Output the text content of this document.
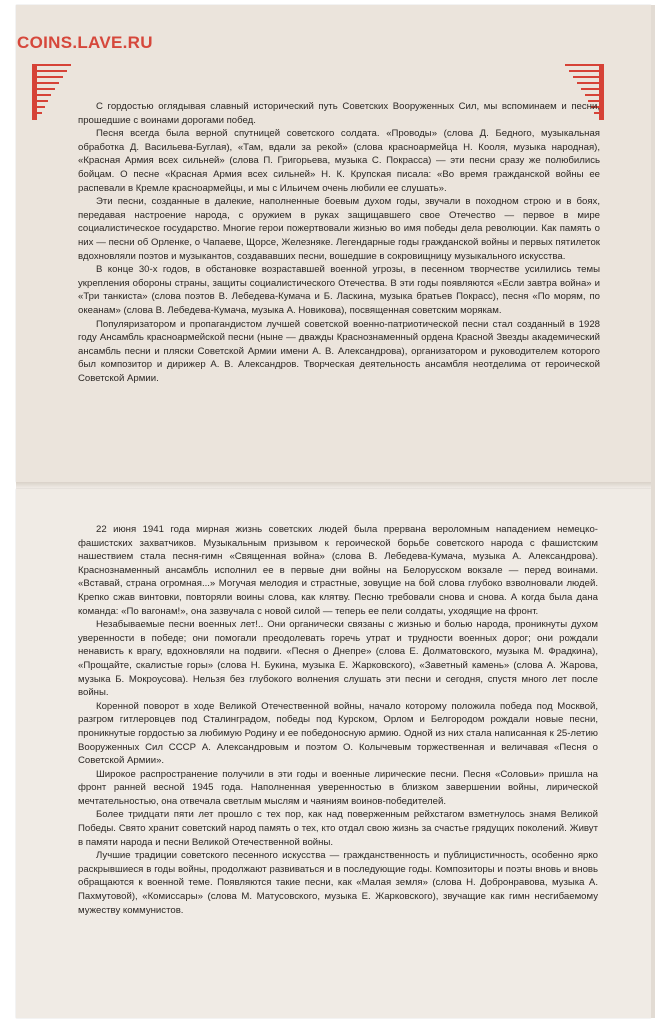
COINS.LAVE.RU

С гордостью оглядывая славный исторический путь Советских Вооруженных Сил, мы вспоминаем и песни, прошедшие с воинами дорогами побед.

Песня всегда была верной спутницей советского солдата. «Проводы» (слова Д. Бедного, музыкальная обработка Д. Васильева-Буглая), «Там, вдали за рекой» (слова красноармейца Н. Кооля, музыка народная), «Красная Армия всех сильней» (слова П. Григорьева, музыка С. Покрасса) — эти песни сразу же полюбились бойцам. О песне «Красная Армия всех сильней» Н. К. Крупская писала: «Во время гражданской войны ее распевали в Кремле красноармейцы, и мы с Ильичем очень любили ее слушать».

Эти песни, созданные в далекие, наполненные боевым духом годы, звучали в походном строю и в боях, передавая настроение народа, с оружием в руках защищавшего свое Отечество — первое в мире социалистическое государство. Многие герои пожертвовали жизнью во имя победы дела революции. Как память о них — песни об Орленке, о Чапаеве, Щорсе, Железняке. Легендарные годы гражданской войны и первых пятилеток вдохновляли поэтов и музыкантов, создававших песни, вошедшие в сокровищницу музыкального искусства.

В конце 30-х годов, в обстановке возраставшей военной угрозы, в песенном творчестве усилились темы укрепления обороны страны, защиты социалистического Отечества. В эти годы появляются «Если завтра война» и «Три танкиста» (слова поэтов В. Лебедева-Кумача и Б. Ласкина, музыка братьев Покрасс), песня «По морям, по океанам» (слова В. Лебедева-Кумача, музыка А. Новикова), посвященная советским морякам.

Популяризатором и пропагандистом лучшей советской военно-патриотической песни стал созданный в 1928 году Ансамбль красноармейской песни (ныне — дважды Краснознаменный ордена Красной Звезды академический ансамбль песни и пляски Советской Армии имени А. В. Александрова), организатором и руководителем которого был композитор и дирижер А. В. Александров. Творческая деятельность ансамбля неотделима от героической Советской Армии.

22 июня 1941 года мирная жизнь советских людей была прервана вероломным нападением немецко-фашистских захватчиков. Музыкальным призывом к героической борьбе советского народа с фашистским нашествием стала песня-гимн «Священная война» (слова В. Лебедева-Кумача, музыка А. Александрова). Краснознаменный ансамбль исполнил ее в первые дни войны на Белорусском вокзале — перед воинами. «Вставай, страна огромная...» Могучая мелодия и страстные, зовущие на бой слова глубоко взволновали людей. Крепко сжав винтовки, повторяли воины слова, как клятву. Песню требовали снова и снова. А когда была дана команда: «По вагонам!», она зазвучала с новой силой — теперь ее пели солдаты, уходящие на фронт.

Незабываемые песни военных лет!.. Они органически связаны с жизнью и болью народа, проникнуты духом уверенности в победе; они помогали преодолевать горечь утрат и трудности военных дорог; они рождали ненависть к врагу, вдохновляли на подвиги. «Песня о Днепре» (слова Е. Долматовского, музыка М. Фрадкина), «Прощайте, скалистые горы» (слова Н. Букина, музыка Е. Жарковского), «Заветный камень» (слова А. Жарова, музыка Б. Мокроусова). Нельзя без глубокого волнения слушать эти песни и сегодня, спустя много лет после войны.

Коренной поворот в ходе Великой Отечественной войны, начало которому положила победа под Москвой, разгром гитлеровцев под Сталинградом, победы под Курском, Орлом и Белгородом рождали новые песни, проникнутые гордостью за любимую Родину и ее победоносную армию. Одной из них стала написанная к 25-летию Вооруженных Сил СССР А. Александровым и поэтом О. Колычевым торжественная и величавая «Песня о Советской Армии».

Широкое распространение получили в эти годы и военные лирические песни. Песня «Соловьи» пришла на фронт ранней весной 1945 года. Наполненная уверенностью в близком завершении войны, лирической мечтательностью, она отвечала светлым мыслям и чаяниям воинов-победителей.

Более тридцати пяти лет прошло с тех пор, как над поверженным рейхстагом взметнулось знамя Великой Победы. Свято хранит советский народ память о тех, кто отдал свою жизнь за счастье грядущих поколений. Живут в памяти народа и песни Великой Отечественной войны.

Лучшие традиции советского песенного искусства — гражданственность и публицистичность, особенно ярко раскрывшиеся в годы войны, продолжают развиваться и в последующие годы. Композиторы и поэты вновь и вновь обращаются к военной теме. Появляются такие песни, как «Малая земля» (слова Н. Добронравова, музыка А. Пахмутовой), «Комиссары» (слова М. Матусовского, музыка Е. Жарковского), звучащие как гимн несгибаемому мужеству коммунистов.
